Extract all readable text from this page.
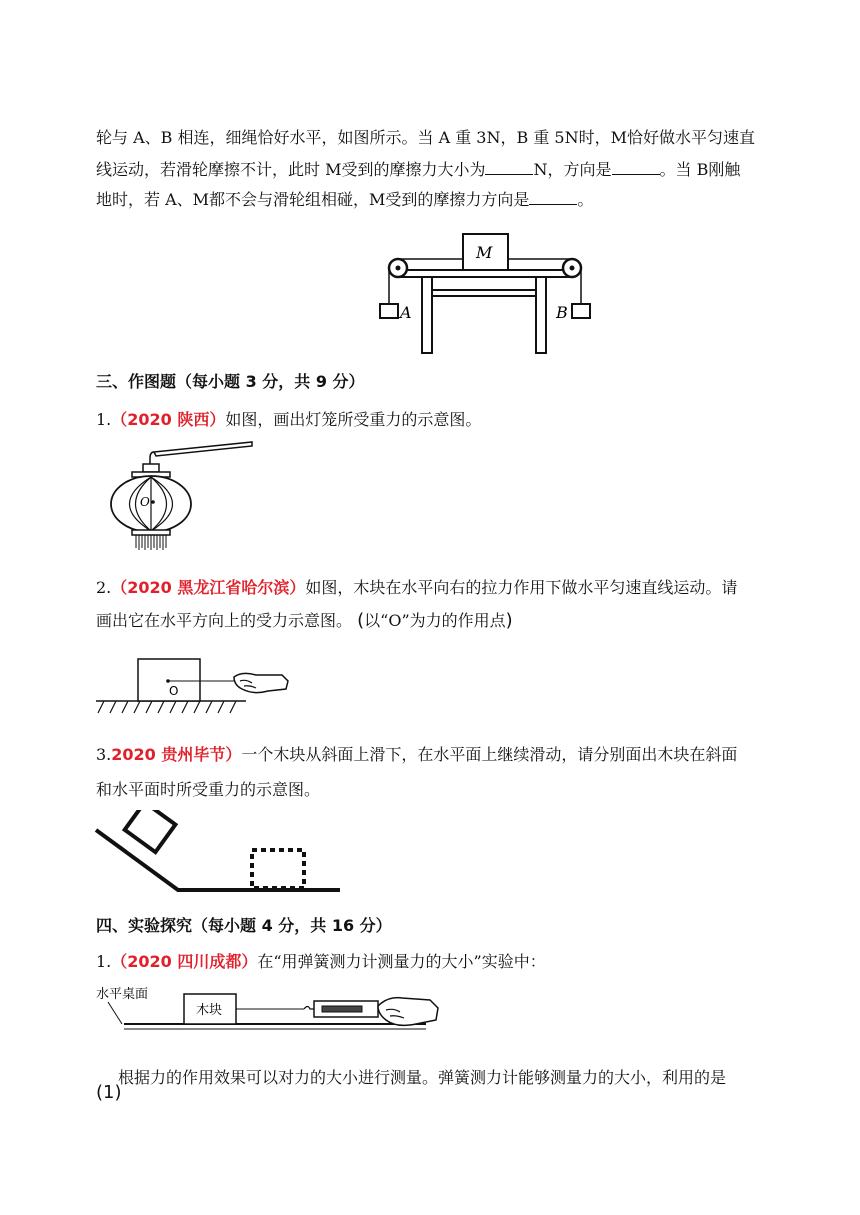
轮与 A、B 相连，细绳恰好水平，如图所示。当 A 重 3N，B 重 5N时，M恰好做水平匀速直
线运动，若滑轮摩擦不计，此时 M受到的摩擦力大小为	N，方向是	。当 B刚触
地时，若 A、M都不会与滑轮组相碰，M受到的摩擦力方向是	。
M
A	B
三、作图题（每小题 3 分，共 9 分）
1.（2020 陕西）如图，画出灯笼所受重力的示意图。
O
2.（2020 黑龙江省哈尔滨）如图，木块在水平向右的拉力作用下做水平匀速直线运动。请
画出它在水平方向上的受力示意图。 (以“O”为力的作用点)
O
3.2020 贵州毕节）一个木块从斜面上滑下，在水平面上继续滑动，请分别面出木块在斜面
和水平面时所受重力的示意图。
四、实验探究（每小题 4 分，共 16 分）
1.（2020 四川成都）在“用弹簧测力计测量力的大小”实验中：
水平桌面
木块
(1)
根据力的作用效果可以对力的大小进行测量。弹簧测力计能够测量力的大小，利用的是
